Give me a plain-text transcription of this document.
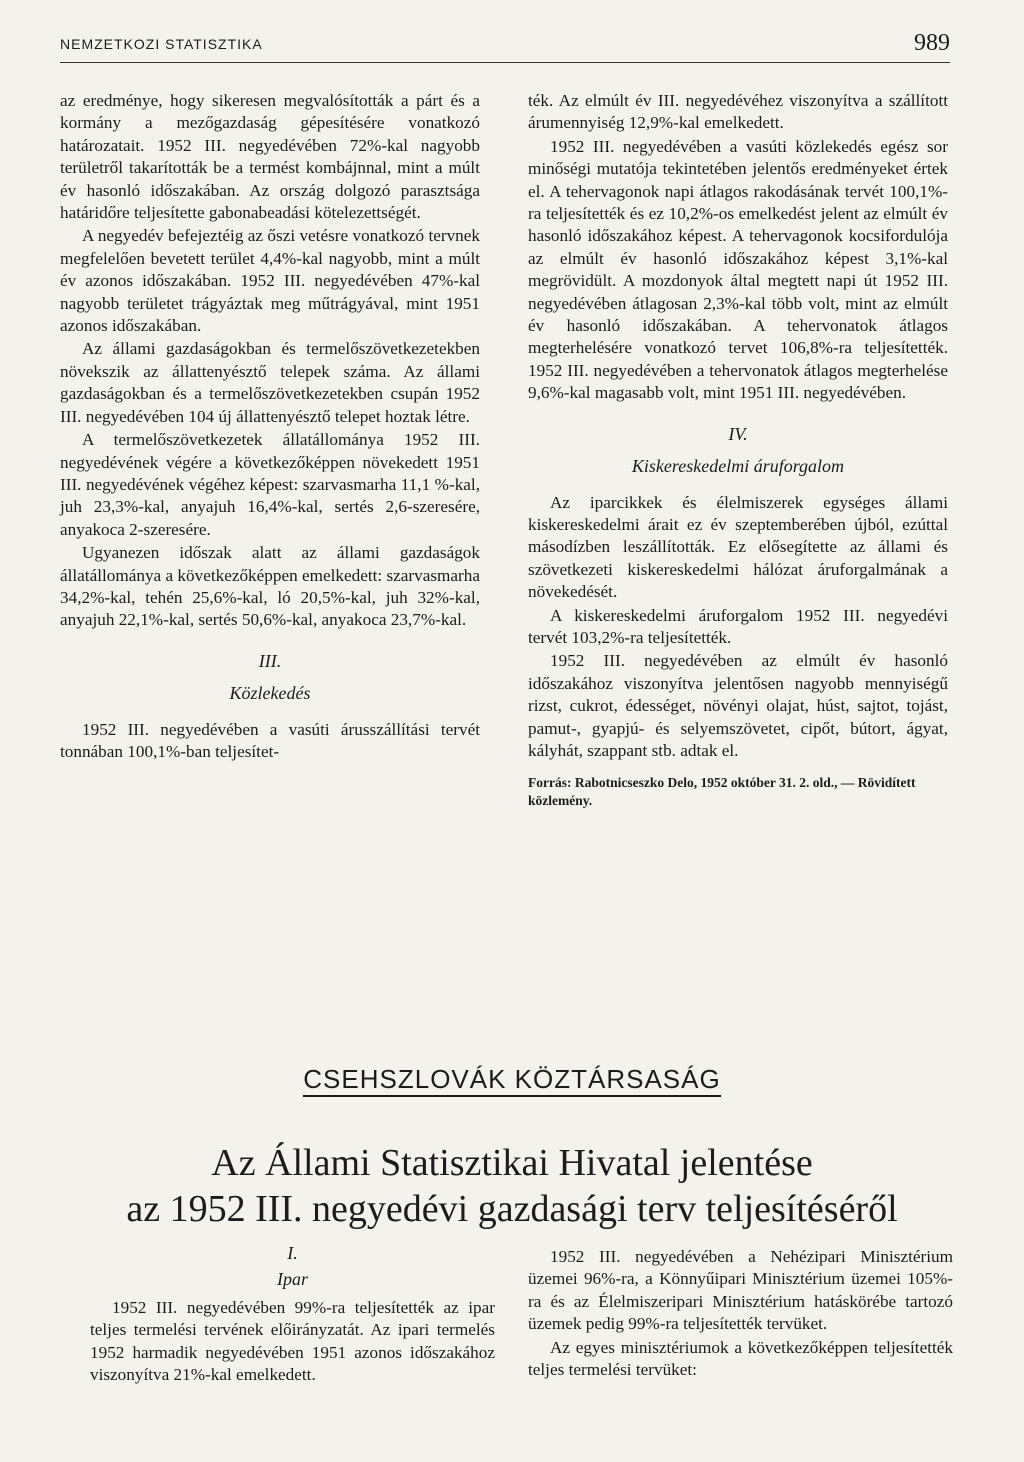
NEMZETKOZI STATISZTIKA	989

az eredménye, hogy sikeresen megvalósították a párt és a kormány a mezőgazdaság gépesítésére vonatkozó határozatait. 1952 III. negyedévében 72%-kal nagyobb területről takarították be a termést kombájnnal, mint a múlt év hasonló időszakában. Az ország dolgozó parasztsága határidőre teljesítette gabonabeadási kötelezettségét.

A negyedév befejeztéig az őszi vetésre vonatkozó tervnek megfelelően bevetett terület 4,4%-kal nagyobb, mint a múlt év azonos időszakában. 1952 III. negyedévében 47%-kal nagyobb területet trágyáztak meg műtrágyával, mint 1951 azonos időszakában.

Az állami gazdaságokban és termelőszövetkezetekben növekszik az állattenyésztő telepek száma. Az állami gazdaságokban és a termelőszövetkezetekben csupán 1952 III. negyedévében 104 új állattenyésztő telepet hoztak létre.

A termelőszövetkezetek állatállománya 1952 III. negyedévének végére a következőképpen növekedett 1951 III. negyedévének végéhez képest: szarvasmarha 11,1 %-kal, juh 23,3%-kal, anyajuh 16,4%-kal, sertés 2,6-szeresére, anyakoca 2-szeresére.

Ugyanezen időszak alatt az állami gazdaságok állatállománya a következőképpen emelkedett: szarvasmarha 34,2%-kal, tehén 25,6%-kal, ló 20,5%-kal, juh 32%-kal, anyajuh 22,1%-kal, sertés 50,6%-kal, anyakoca 23,7%-kal.

III.
Közlekedés

1952 III. negyedévében a vasúti árusszállítási tervét tonnában 100,1%-ban teljesítet-

ték. Az elmúlt év III. negyedévéhez viszonyítva a szállított árumennyiség 12,9%-kal emelkedett.

1952 III. negyedévében a vasúti közlekedés egész sor minőségi mutatója tekintetében jelentős eredményeket értek el. A tehervagonok napi átlagos rakodásának tervét 100,1%-ra teljesítették és ez 10,2%-os emelkedést jelent az elmúlt év hasonló időszakához képest. A tehervagonok kocsifordulója az elmúlt év hasonló időszakához képest 3,1%-kal megrövidült. A mozdonyok által megtett napi út 1952 III. negyedévében átlagosan 2,3%-kal több volt, mint az elmúlt év hasonló időszakában. A tehervonatok átlagos megterhelésére vonatkozó tervet 106,8%-ra teljesítették. 1952 III. negyedévében a tehervonatok átlagos megterhelése 9,6%-kal magasabb volt, mint 1951 III. negyedévében.

IV.
Kiskereskedelmi áruforgalom

Az iparcikkek és élelmiszerek egységes állami kiskereskedelmi árait ez év szeptemberében újból, ezúttal másodízben leszállították. Ez elősegítette az állami és szövetkezeti kiskereskedelmi hálózat áruforgalmának a növekedését.

A kiskereskedelmi áruforgalom 1952 III. negyedévi tervét 103,2%-ra teljesítették.

1952 III. negyedévében az elmúlt év hasonló időszakához viszonyítva jelentősen nagyobb mennyiségű rizst, cukrot, édességet, növényi olajat, húst, sajtot, tojást, pamut-, gyapjú- és selyemszövetet, cipőt, bútort, ágyat, kályhát, szappant stb. adtak el.

Forrás: Rabotnicseszko Delo, 1952 október 31. 2. old., — Rövidített közlemény.
CSEHSZLOVÁK KÖZTÁRSASÁG
Az Állami Statisztikai Hivatal jelentése
az 1952 III. negyedévi gazdasági terv teljesítéséről
I.
Ipar

1952 III. negyedévében 99%-ra teljesítették az ipar teljes termelési tervének előirányzatát. Az ipari termelés 1952 harmadik negyedévében 1951 azonos időszakához viszonyítva 21%-kal emelkedett.

1952 III. negyedévében a Nehézipari Minisztérium üzemei 96%-ra, a Könnyűipari Minisztérium üzemei 105%-ra és az Élelmiszeripari Minisztérium hatáskörébe tartozó üzemek pedig 99%-ra teljesítették tervüket.

Az egyes minisztériumok a következőképpen teljesítették teljes termelési tervüket:
